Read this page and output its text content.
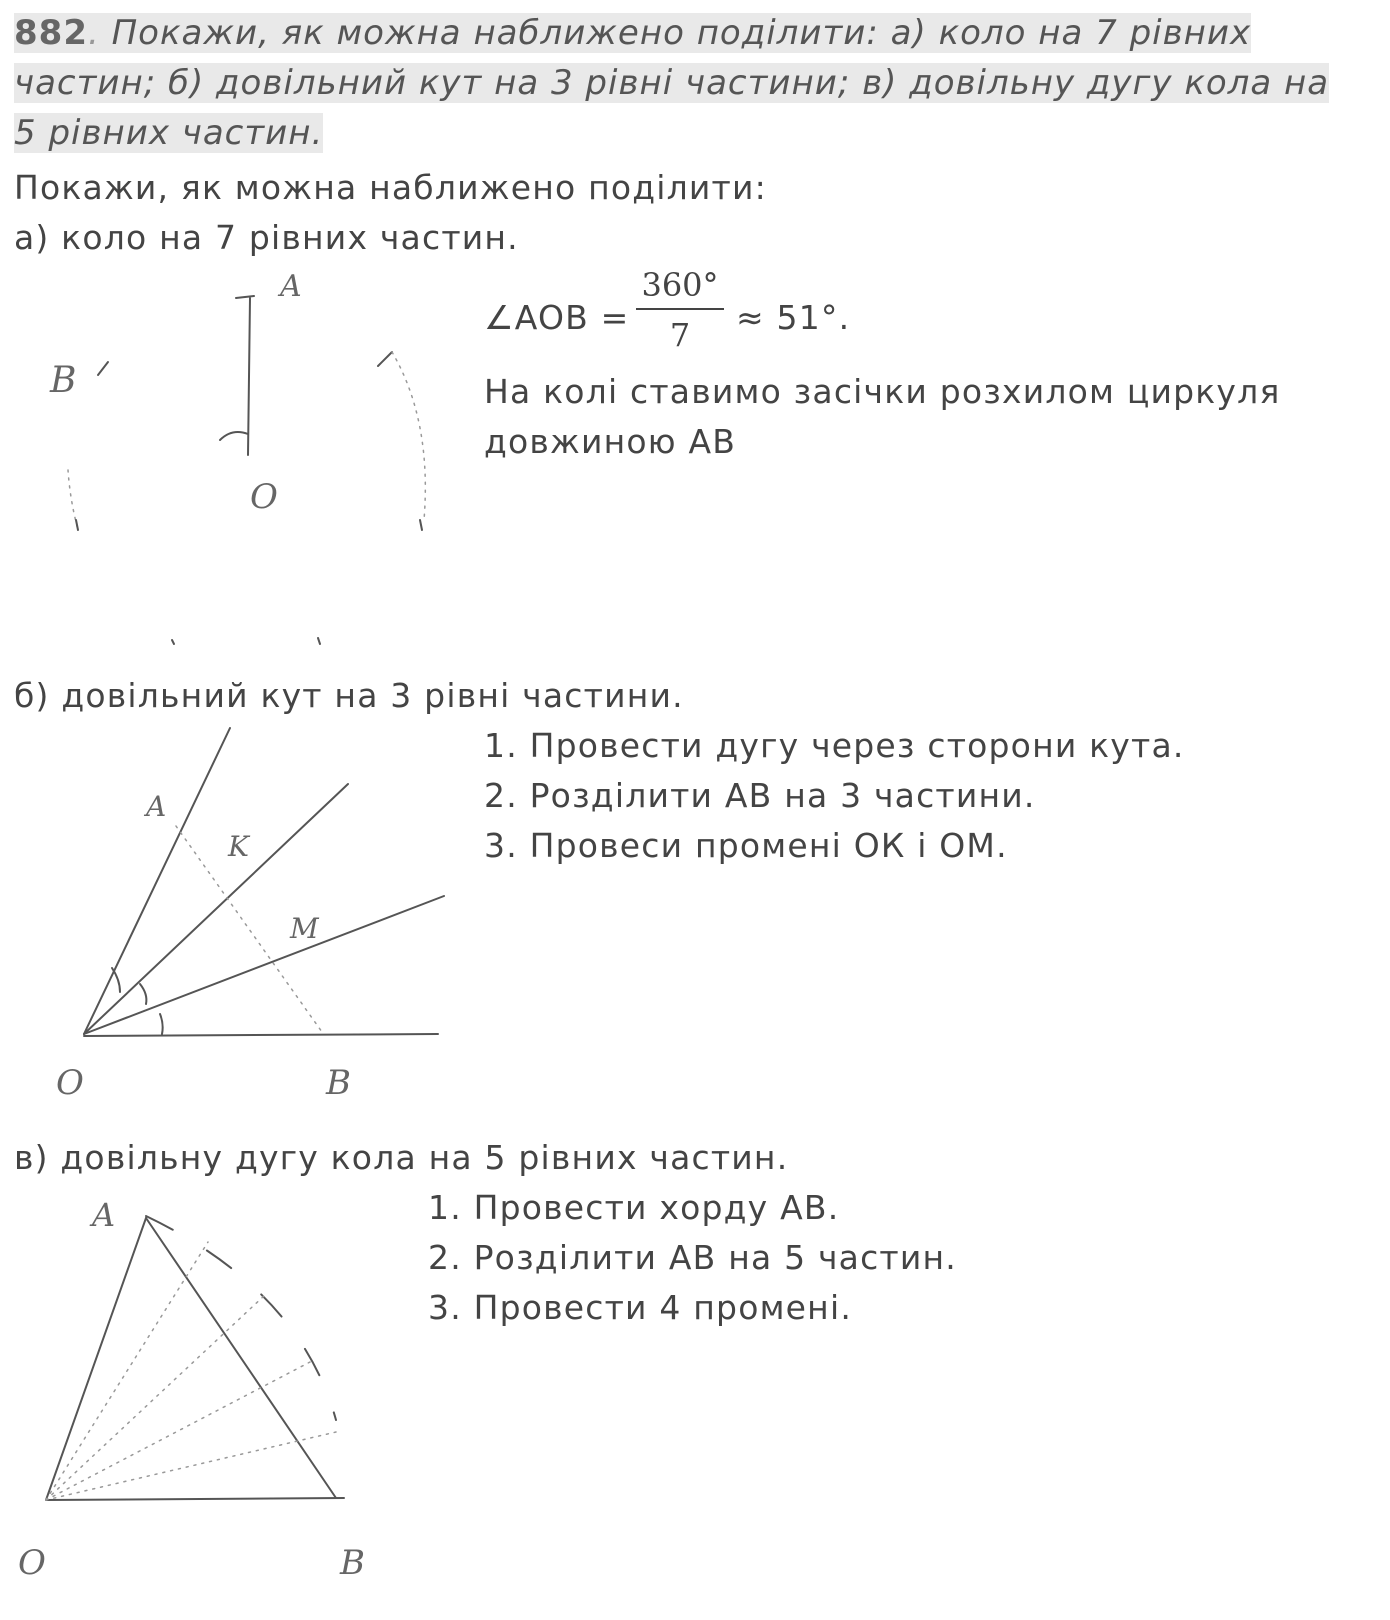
882. Покажи, як можна наближено поділити: а) коло на 7 рівних
частин; б) довільний кут на 3 рівні частини; в) довільну дугу кола на
5 рівних частин.
Покажи, як можна наближено поділити:
а) коло на 7 рівних частин.
∠AOB =
360°
7	≈ 51°.
На колі ставимо засічки розхилом циркуля
довжиною АВ
б) довільний кут на 3 рівні частини.
1. Провести дугу через сторони кута.
2. Розділити АВ на 3 частини.
3. Провеси промені ОК і ОМ.
в) довільну дугу кола на 5 рівних частин.
1. Провести хорду АВ.
2. Розділити АВ на 5 частин.
3. Провести 4 промені.
A
B
O
A
K
M
O	B
A
O	B
